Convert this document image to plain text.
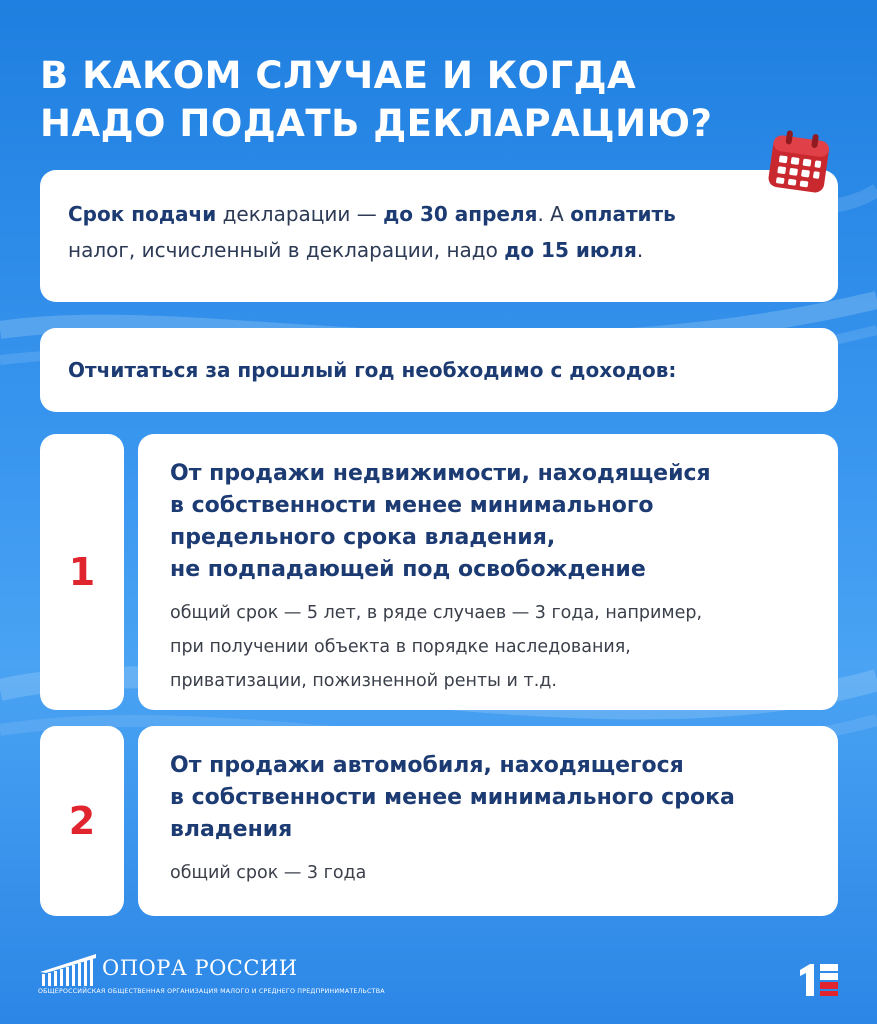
В КАКОМ СЛУЧАЕ И КОГДА
НАДО ПОДАТЬ ДЕКЛАРАЦИЮ?
Срок подачи декларации — до 30 апреля. А оплатить
налог, исчисленный в декларации, надо до 15 июля.
Отчитаться за прошлый год необходимо с доходов:
1
От продажи недвижимости, находящейся
в собственности менее минимального
предельного срока владения,
не подпадающей под освобождение
общий срок — 5 лет, в ряде случаев — 3 года, например,
при получении объекта в порядке наследования,
приватизации, пожизненной ренты и т.д.
2
От продажи автомобиля, находящегося
в собственности менее минимального срока
владения
общий срок — 3 года
ОПОРА РОССИИ
ОБЩЕРОССИЙСКАЯ ОБЩЕСТВЕННАЯ ОРГАНИЗАЦИЯ МАЛОГО И СРЕДНЕГО ПРЕДПРИНИМАТЕЛЬСТВА
